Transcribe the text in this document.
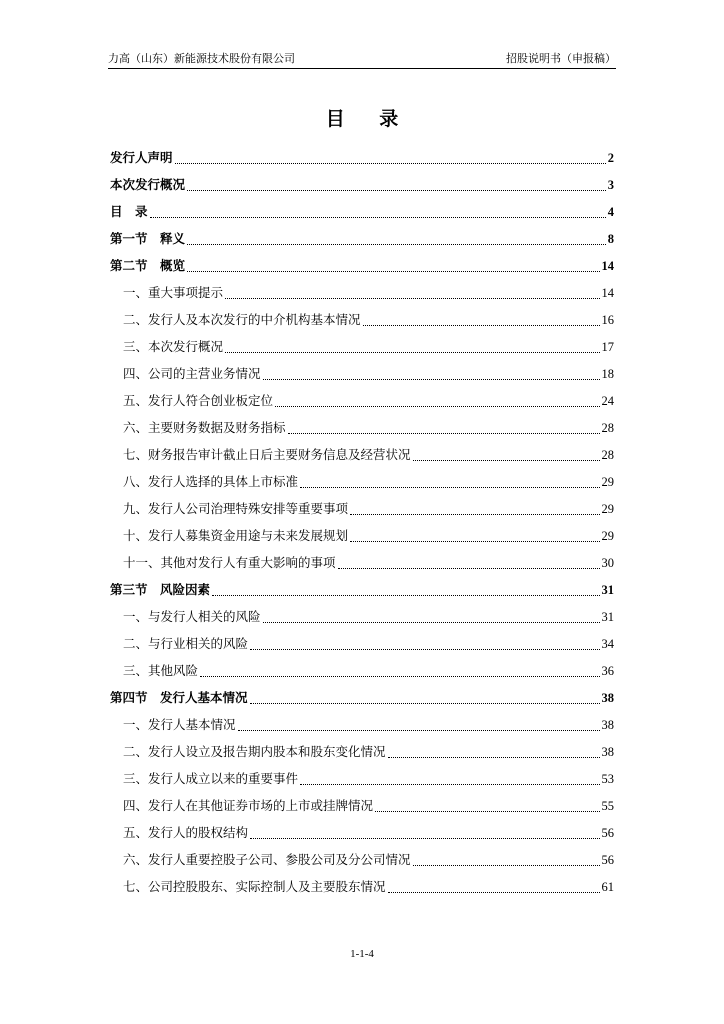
力高（山东）新能源技术股份有限公司	招股说明书（申报稿）
目 录
发行人声明	2
本次发行概况	3
目　录	4
第一节　释义	8
第二节　概览	14
一、重大事项提示	14
二、发行人及本次发行的中介机构基本情况	16
三、本次发行概况	17
四、公司的主营业务情况	18
五、发行人符合创业板定位	24
六、主要财务数据及财务指标	28
七、财务报告审计截止日后主要财务信息及经营状况	28
八、发行人选择的具体上市标准	29
九、发行人公司治理特殊安排等重要事项	29
十、发行人募集资金用途与未来发展规划	29
十一、其他对发行人有重大影响的事项	30
第三节　风险因素	31
一、与发行人相关的风险	31
二、与行业相关的风险	34
三、其他风险	36
第四节　发行人基本情况	38
一、发行人基本情况	38
二、发行人设立及报告期内股本和股东变化情况	38
三、发行人成立以来的重要事件	53
四、发行人在其他证券市场的上市或挂牌情况	55
五、发行人的股权结构	56
六、发行人重要控股子公司、参股公司及分公司情况	56
七、公司控股股东、实际控制人及主要股东情况	61
1-1-4
